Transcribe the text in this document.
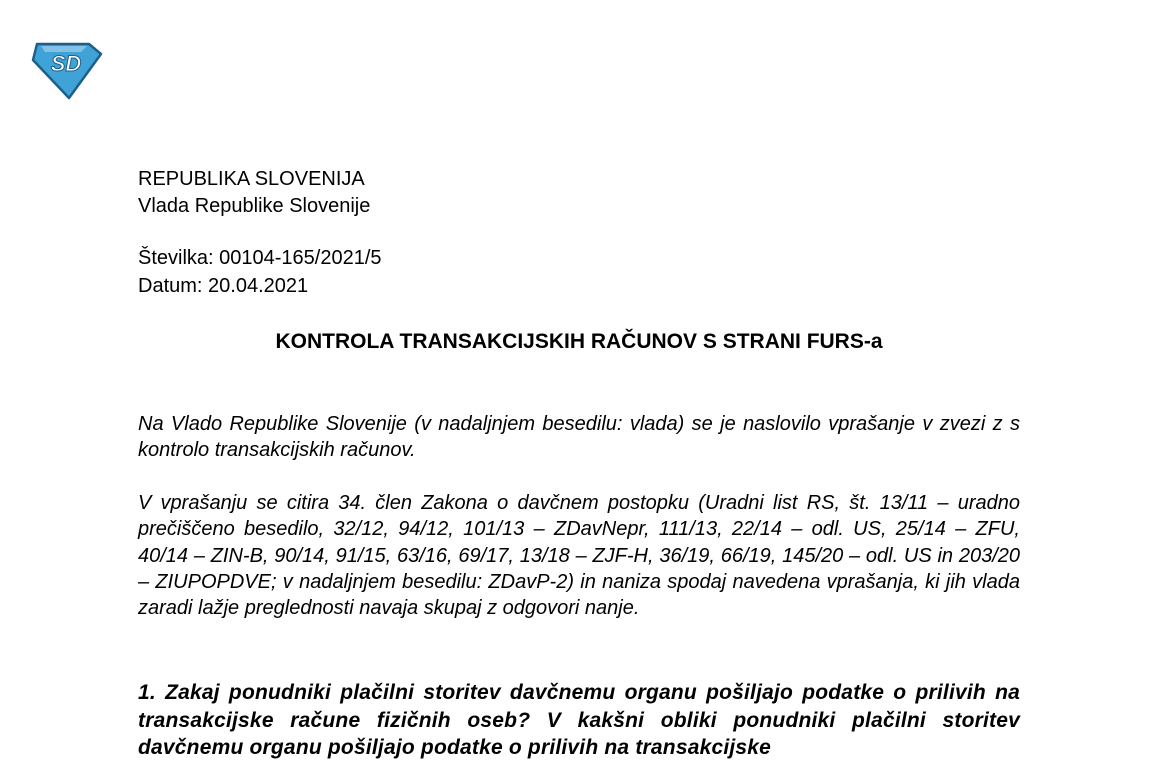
SD
REPUBLIKA SLOVENIJA
Vlada Republike Slovenije
Številka: 00104-165/2021/5
Datum: 20.04.2021
KONTROLA TRANSAKCIJSKIH RAČUNOV S STRANI FURS-a

Na Vlado Republike Slovenije (v nadaljnjem besedilu: vlada) se je naslovilo vprašanje v zvezi z s kontrolo transakcijskih računov.

V vprašanju se citira 34. člen Zakona o davčnem postopku (Uradni list RS, št. 13/11 – uradno prečiščeno besedilo, 32/12, 94/12, 101/13 – ZDavNepr, 111/13, 22/14 – odl. US, 25/14 – ZFU, 40/14 – ZIN-B, 90/14, 91/15, 63/16, 69/17, 13/18 – ZJF-H, 36/19, 66/19, 145/20 – odl. US in 203/20 – ZIUPOPDVE; v nadaljnjem besedilu: ZDavP-2) in naniza spodaj navedena vprašanja, ki jih vlada zaradi lažje preglednosti navaja skupaj z odgovori nanje.

1. Zakaj ponudniki plačilni storitev davčnemu organu pošiljajo podatke o prilivih na transakcijske račune fizičnih oseb? V kakšni obliki ponudniki plačilni storitev davčnemu organu pošiljajo podatke o prilivih na transakcijske
